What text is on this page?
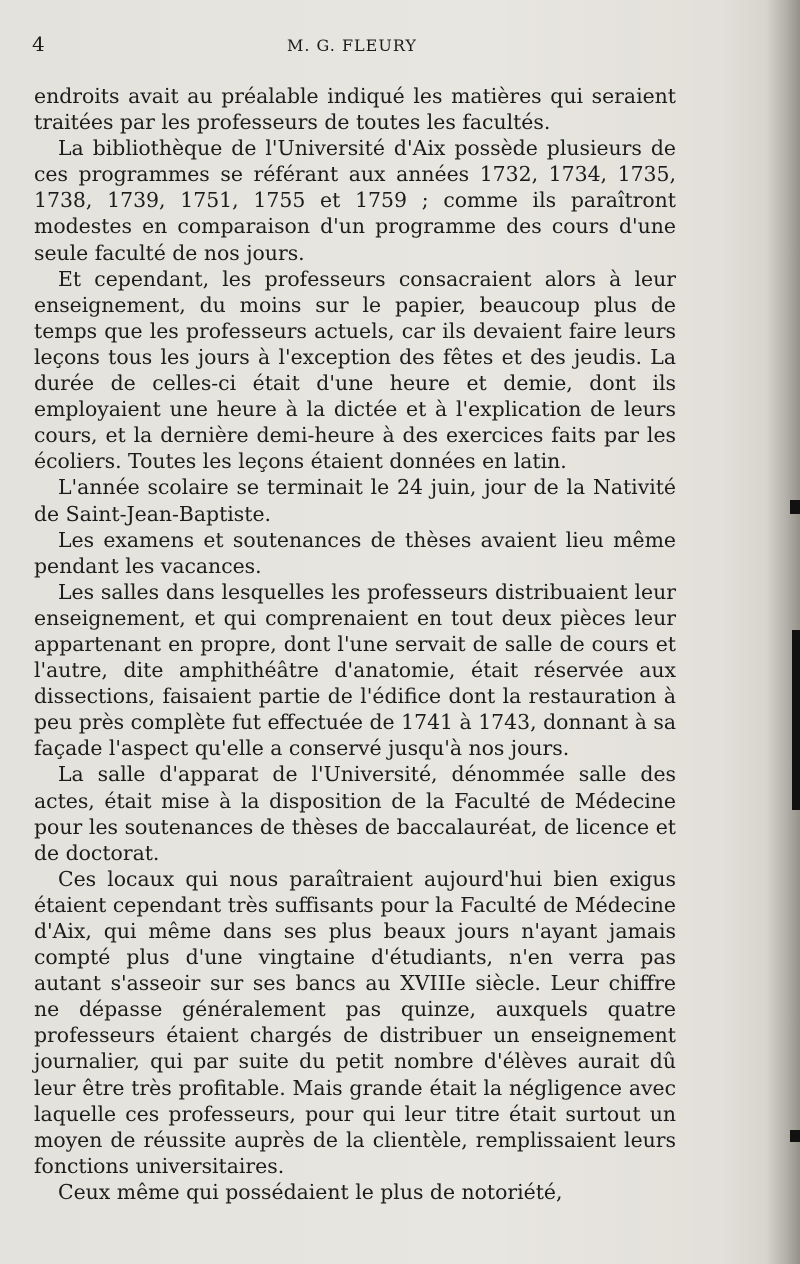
4	M. G. FLEURY

endroits avait au préalable indiqué les matières qui seraient traitées par les professeurs de toutes les facultés.

La bibliothèque de l'Université d'Aix possède plusieurs de ces programmes se référant aux années 1732, 1734, 1735, 1738, 1739, 1751, 1755 et 1759 ; comme ils paraîtront modestes en comparaison d'un programme des cours d'une seule faculté de nos jours.

Et cependant, les professeurs consacraient alors à leur enseignement, du moins sur le papier, beaucoup plus de temps que les professeurs actuels, car ils devaient faire leurs leçons tous les jours à l'exception des fêtes et des jeudis. La durée de celles-ci était d'une heure et demie, dont ils employaient une heure à la dictée et à l'explication de leurs cours, et la dernière demi-heure à des exercices faits par les écoliers. Toutes les leçons étaient données en latin.

L'année scolaire se terminait le 24 juin, jour de la Nativité de Saint-Jean-Baptiste.

Les examens et soutenances de thèses avaient lieu même pendant les vacances.

Les salles dans lesquelles les professeurs distribuaient leur enseignement, et qui comprenaient en tout deux pièces leur appartenant en propre, dont l'une servait de salle de cours et l'autre, dite amphithéâtre d'anatomie, était réservée aux dissections, faisaient partie de l'édifice dont la restauration à peu près complète fut effectuée de 1741 à 1743, donnant à sa façade l'aspect qu'elle a conservé jusqu'à nos jours.

La salle d'apparat de l'Université, dénommée salle des actes, était mise à la disposition de la Faculté de Médecine pour les soutenances de thèses de baccalauréat, de licence et de doctorat.

Ces locaux qui nous paraîtraient aujourd'hui bien exigus étaient cependant très suffisants pour la Faculté de Médecine d'Aix, qui même dans ses plus beaux jours n'ayant jamais compté plus d'une vingtaine d'étudiants, n'en verra pas autant s'asseoir sur ses bancs au XVIIIe siècle. Leur chiffre ne dépasse généralement pas quinze, auxquels quatre professeurs étaient chargés de distribuer un enseignement journalier, qui par suite du petit nombre d'élèves aurait dû leur être très profitable. Mais grande était la négligence avec laquelle ces professeurs, pour qui leur titre était surtout un moyen de réussite auprès de la clientèle, remplissaient leurs fonctions universitaires.

Ceux même qui possédaient le plus de notoriété,
